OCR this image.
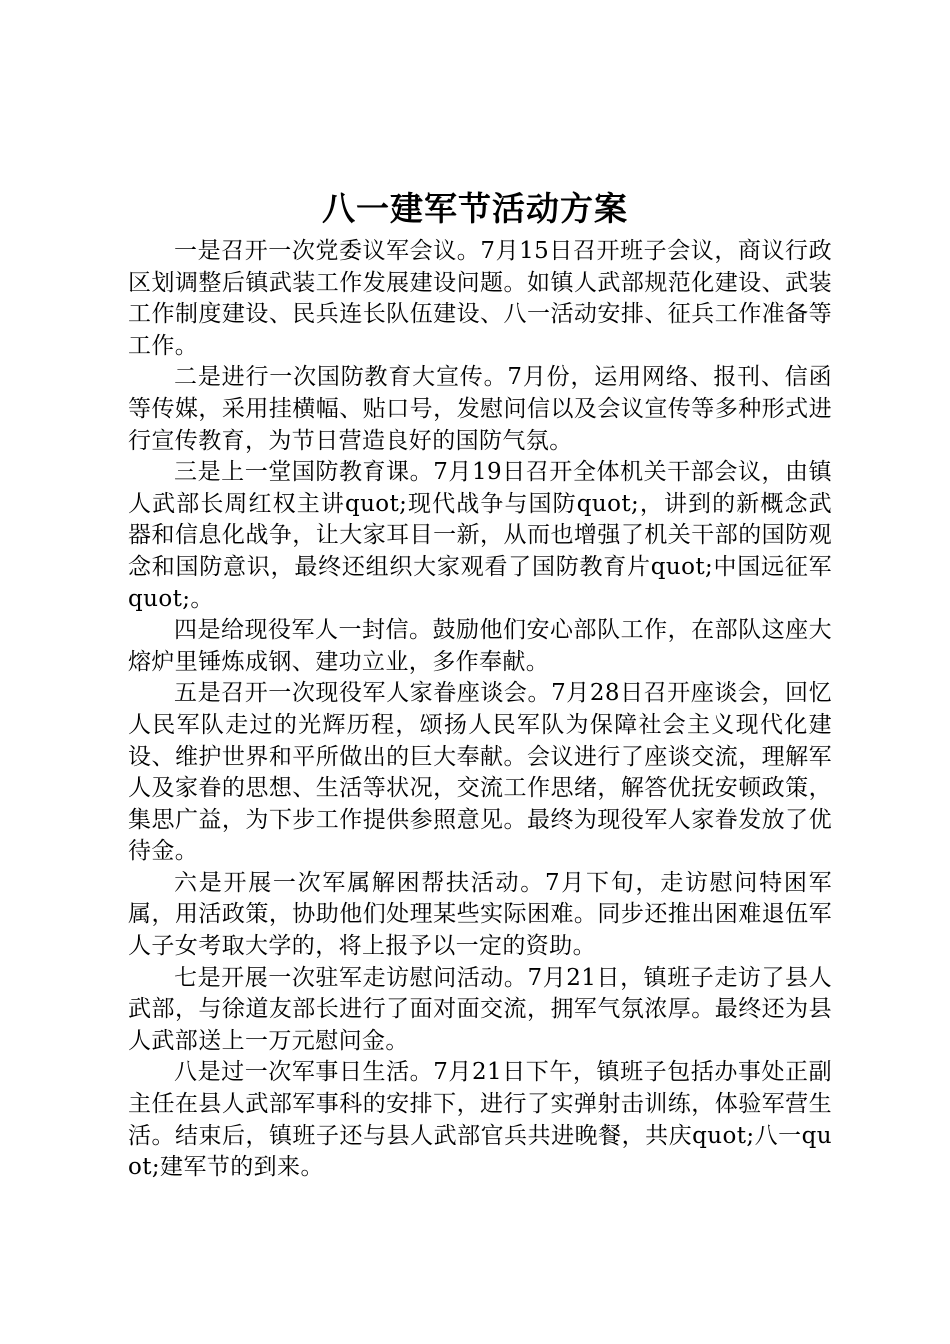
八一建军节活动方案

一是召开一次党委议军会议。7月15日召开班子会议，商议行政区划调整后镇武装工作发展建设问题。如镇人武部规范化建设、武装工作制度建设、民兵连长队伍建设、八一活动安排、征兵工作准备等工作。

二是进行一次国防教育大宣传。7月份，运用网络、报刊、信函等传媒，采用挂横幅、贴口号，发慰问信以及会议宣传等多种形式进行宣传教育，为节日营造良好的国防气氛。

三是上一堂国防教育课。7月19日召开全体机关干部会议，由镇人武部长周红权主讲quot;现代战争与国防quot;，讲到的新概念武器和信息化战争，让大家耳目一新，从而也增强了机关干部的国防观念和国防意识，最终还组织大家观看了国防教育片quot;中国远征军quot;。

四是给现役军人一封信。鼓励他们安心部队工作，在部队这座大熔炉里锤炼成钢、建功立业，多作奉献。

五是召开一次现役军人家眷座谈会。7月28日召开座谈会，回忆人民军队走过的光辉历程，颂扬人民军队为保障社会主义现代化建设、维护世界和平所做出的巨大奉献。会议进行了座谈交流，理解军人及家眷的思想、生活等状况，交流工作思绪，解答优抚安顿政策，集思广益，为下步工作提供参照意见。最终为现役军人家眷发放了优待金。

六是开展一次军属解困帮扶活动。7月下旬，走访慰问特困军属，用活政策，协助他们处理某些实际困难。同步还推出困难退伍军人子女考取大学的，将上报予以一定的资助。

七是开展一次驻军走访慰问活动。7月21日，镇班子走访了县人武部，与徐道友部长进行了面对面交流，拥军气氛浓厚。最终还为县人武部送上一万元慰问金。

八是过一次军事日生活。7月21日下午，镇班子包括办事处正副主任在县人武部军事科的安排下，进行了实弹射击训练，体验军营生活。结束后，镇班子还与县人武部官兵共进晚餐，共庆quot;八一quot;建军节的到来。
